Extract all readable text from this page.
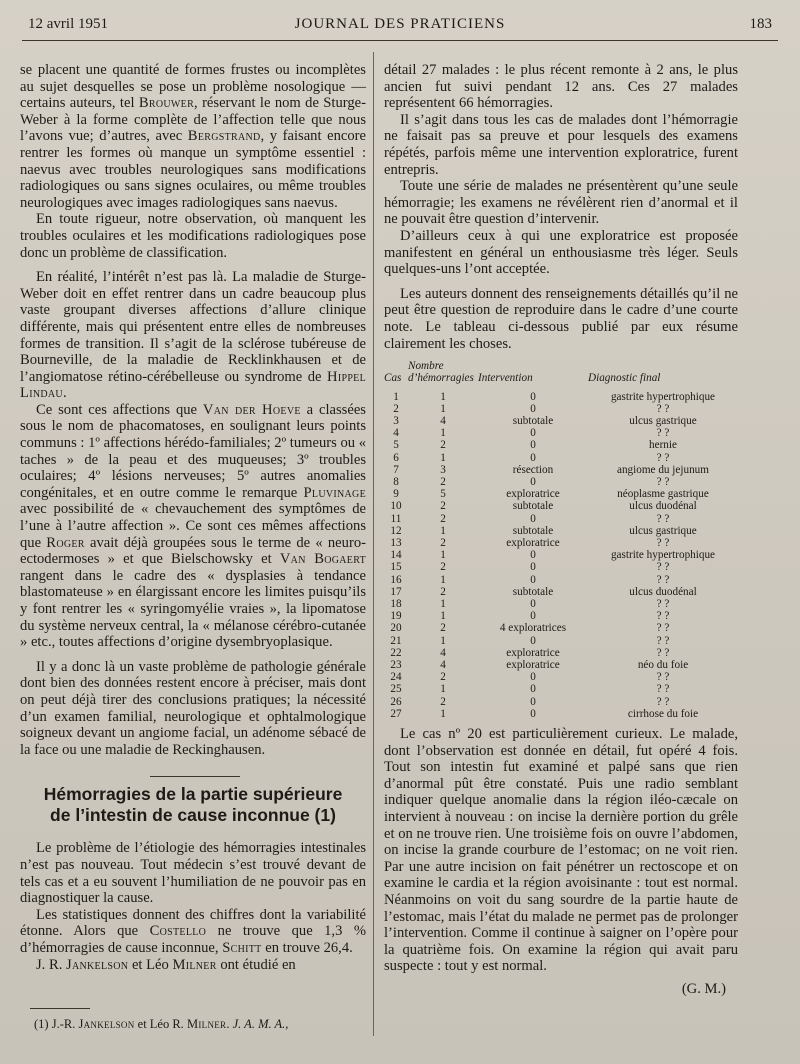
12 avril 1951	JOURNAL DES PRATICIENS	183

se placent une quantité de formes frustes ou incomplètes au sujet desquelles se pose un problème nosologique — certains auteurs, tel Brouwer, réservant le nom de Sturge-Weber à la forme complète de l’affection telle que nous l’avons vue; d’autres, avec Bergstrand, y faisant encore rentrer les formes où manque un symptôme essentiel : naevus avec troubles neurologiques sans modifications radiologiques ou sans signes oculaires, ou même troubles neurologiques avec images radiologiques sans naevus.

En toute rigueur, notre observation, où manquent les troubles oculaires et les modifications radiologiques pose donc un problème de classification.

En réalité, l’intérêt n’est pas là. La maladie de Sturge-Weber doit en effet rentrer dans un cadre beaucoup plus vaste groupant diverses affections d’allure clinique différente, mais qui présentent entre elles de nombreuses formes de transition. Il s’agit de la sclérose tubéreuse de Bourneville, de la maladie de Recklinkhausen et de l’angiomatose rétino-cérébelleuse ou syndrome de Hippel Lindau.

Ce sont ces affections que Van der Hoeve a classées sous le nom de phacomatoses, en soulignant leurs points communs : 1º affections hérédo-familiales; 2º tumeurs ou « taches » de la peau et des muqueuses; 3º troubles oculaires; 4º lésions nerveuses; 5º autres anomalies congénitales, et en outre comme le remarque Pluvinage avec possibilité de « chevauchement des symptômes de l’une à l’autre affection ». Ce sont ces mêmes affections que Roger avait déjà groupées sous le terme de « neuro-ectodermoses » et que Bielschowsky et Van Bogaert rangent dans le cadre des « dysplasies à tendance blastomateuse » en élargissant encore les limites puisqu’ils y font rentrer les « syringomyélie vraies », la lipomatose du système nerveux central, la « mélanose cérébro-cutanée » etc., toutes affections d’origine dysembryoplasique.

Il y a donc là un vaste problème de pathologie générale dont bien des données restent encore à préciser, mais dont on peut déjà tirer des conclusions pratiques; la nécessité d’un examen familial, neurologique et ophtalmologique soigneux devant un angiome facial, un adénome sébacé de la face ou une maladie de Reckinghausen.

Hémorragies de la partie supérieure
de l’intestin de cause inconnue (1)

Le problème de l’étiologie des hémorragies intestinales n’est pas nouveau. Tout médecin s’est trouvé devant de tels cas et a eu souvent l’humiliation de ne pouvoir pas en diagnostiquer la cause.

Les statistiques donnent des chiffres dont la variabilité étonne. Alors que Costello ne trouve que 1,3 % d’hémorragies de cause inconnue, Schitt en trouve 26,4.

J. R. Jankelson et Léo Milner ont étudié en

(1) J.-R. Jankelson et Léo R. Milner. J. A. M. A.,

détail 27 malades : le plus récent remonte à 2 ans, le plus ancien fut suivi pendant 12 ans. Ces 27 malades représentent 66 hémorragies.

Il s’agit dans tous les cas de malades dont l’hémorragie ne faisait pas sa preuve et pour lesquels des examens répétés, parfois même une intervention exploratrice, furent entrepris.

Toute une série de malades ne présentèrent qu’une seule hémorragie; les examens ne révélèrent rien d’anormal et il ne pouvait être question d’intervenir.

D’ailleurs ceux à qui une exploratrice est proposée manifestent en général un enthousiasme très léger. Seuls quelques-uns l’ont acceptée.

Les auteurs donnent des renseignements détaillés qu’il ne peut être question de reproduire dans le cadre d’une courte note. Le tableau ci-dessous publié par eux résume clairement les choses.

Cas	Nombre d’hémorragies	Intervention	Diagnostic final
1	1	0	gastrite hypertrophique
2	1	0	? ?
3	4	subtotale	ulcus gastrique
4	1	0	? ?
5	2	0	hernie
6	1	0	? ?
7	3	résection	angiome du jejunum
8	2	0	? ?
9	5	exploratrice	néoplasme gastrique
10	2	subtotale	ulcus duodénal
11	2	0	? ?
12	1	subtotale	ulcus gastrique
13	2	exploratrice	? ?
14	1	0	gastrite hypertrophique
15	2	0	? ?
16	1	0	? ?
17	2	subtotale	ulcus duodénal
18	1	0	? ?
19	1	0	? ?
20	2	4 exploratrices	? ?
21	1	0	? ?
22	4	exploratrice	? ?
23	4	exploratrice	néo du foie
24	2	0	? ?
25	1	0	? ?
26	2	0	? ?
27	1	0	cirrhose du foie

Le cas nº 20 est particulièrement curieux. Le malade, dont l’observation est donnée en détail, fut opéré 4 fois. Tout son intestin fut examiné et palpé sans que rien d’anormal pût être constaté. Puis une radio semblant indiquer quelque anomalie dans la région iléo-cæcale on intervient à nouveau : on incise la dernière portion du grêle et on ne trouve rien. Une troisième fois on ouvre l’abdomen, on incise la grande courbure de l’estomac; on ne voit rien. Par une autre incision on fait pénétrer un rectoscope et on examine le cardia et la région avoisinante : tout est normal. Néanmoins on voit du sang sourdre de la partie haute de l’estomac, mais l’état du malade ne permet pas de prolonger l’intervention. Comme il continue à saigner on l’opère pour la quatrième fois. On examine la région qui avait paru suspecte : tout y est normal.

(G. M.)
